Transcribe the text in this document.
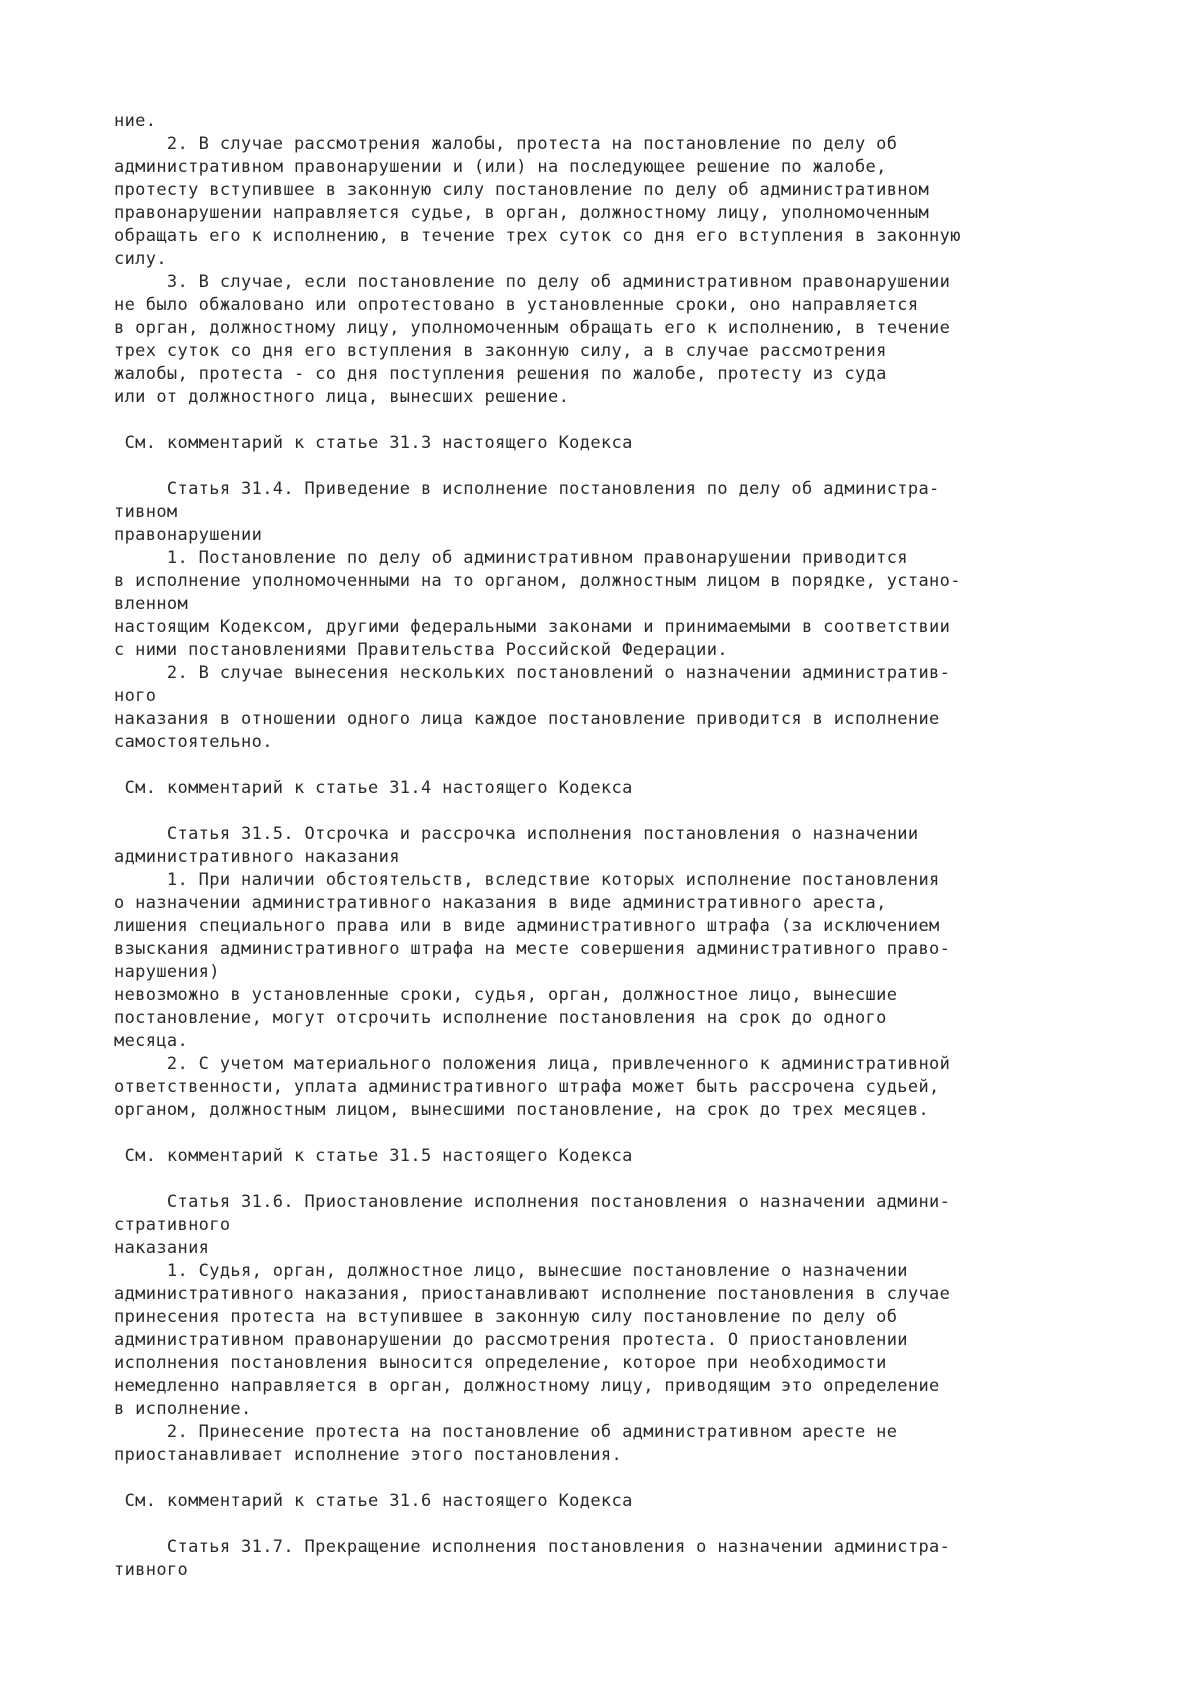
ние.
2. В случае рассмотрения жалобы, протеста на постановление по делу об
административном правонарушении и (или) на последующее решение по жалобе,
протесту вступившее в законную силу постановление по делу об административном
правонарушении направляется судье, в орган, должностному лицу, уполномоченным
обращать его к исполнению, в течение трех суток со дня его вступления в законную
силу.
3. В случае, если постановление по делу об административном правонарушении
не было обжаловано или опротестовано в установленные сроки, оно направляется
в орган, должностному лицу, уполномоченным обращать его к исполнению, в течение
трех суток со дня его вступления в законную силу, а в случае рассмотрения
жалобы, протеста - со дня поступления решения по жалобе, протесту из суда
или от должностного лица, вынесших решение.
См. комментарий к статье 31.3 настоящего Кодекса
Статья 31.4. Приведение в исполнение постановления по делу об администра-
тивном
правонарушении
1. Постановление по делу об административном правонарушении приводится
в исполнение уполномоченными на то органом, должностным лицом в порядке, устано-
вленном
настоящим Кодексом, другими федеральными законами и принимаемыми в соответствии
с ними постановлениями Правительства Российской Федерации.
2. В случае вынесения нескольких постановлений о назначении административ-
ного
наказания в отношении одного лица каждое постановление приводится в исполнение
самостоятельно.
См. комментарий к статье 31.4 настоящего Кодекса
Статья 31.5. Отсрочка и рассрочка исполнения постановления о назначении
административного наказания
1. При наличии обстоятельств, вследствие которых исполнение постановления
о назначении административного наказания в виде административного ареста,
лишения специального права или в виде административного штрафа (за исключением
взыскания административного штрафа на месте совершения административного право-
нарушения)
невозможно в установленные сроки, судья, орган, должностное лицо, вынесшие
постановление, могут отсрочить исполнение постановления на срок до одного
месяца.
2. С учетом материального положения лица, привлеченного к административной
ответственности, уплата административного штрафа может быть рассрочена судьей,
органом, должностным лицом, вынесшими постановление, на срок до трех месяцев.
См. комментарий к статье 31.5 настоящего Кодекса
Статья 31.6. Приостановление исполнения постановления о назначении админи-
стративного
наказания
1. Судья, орган, должностное лицо, вынесшие постановление о назначении
административного наказания, приостанавливают исполнение постановления в случае
принесения протеста на вступившее в законную силу постановление по делу об
административном правонарушении до рассмотрения протеста. О приостановлении
исполнения постановления выносится определение, которое при необходимости
немедленно направляется в орган, должностному лицу, приводящим это определение
в исполнение.
2. Принесение протеста на постановление об административном аресте не
приостанавливает исполнение этого постановления.
См. комментарий к статье 31.6 настоящего Кодекса
Статья 31.7. Прекращение исполнения постановления о назначении администра-
тивного
